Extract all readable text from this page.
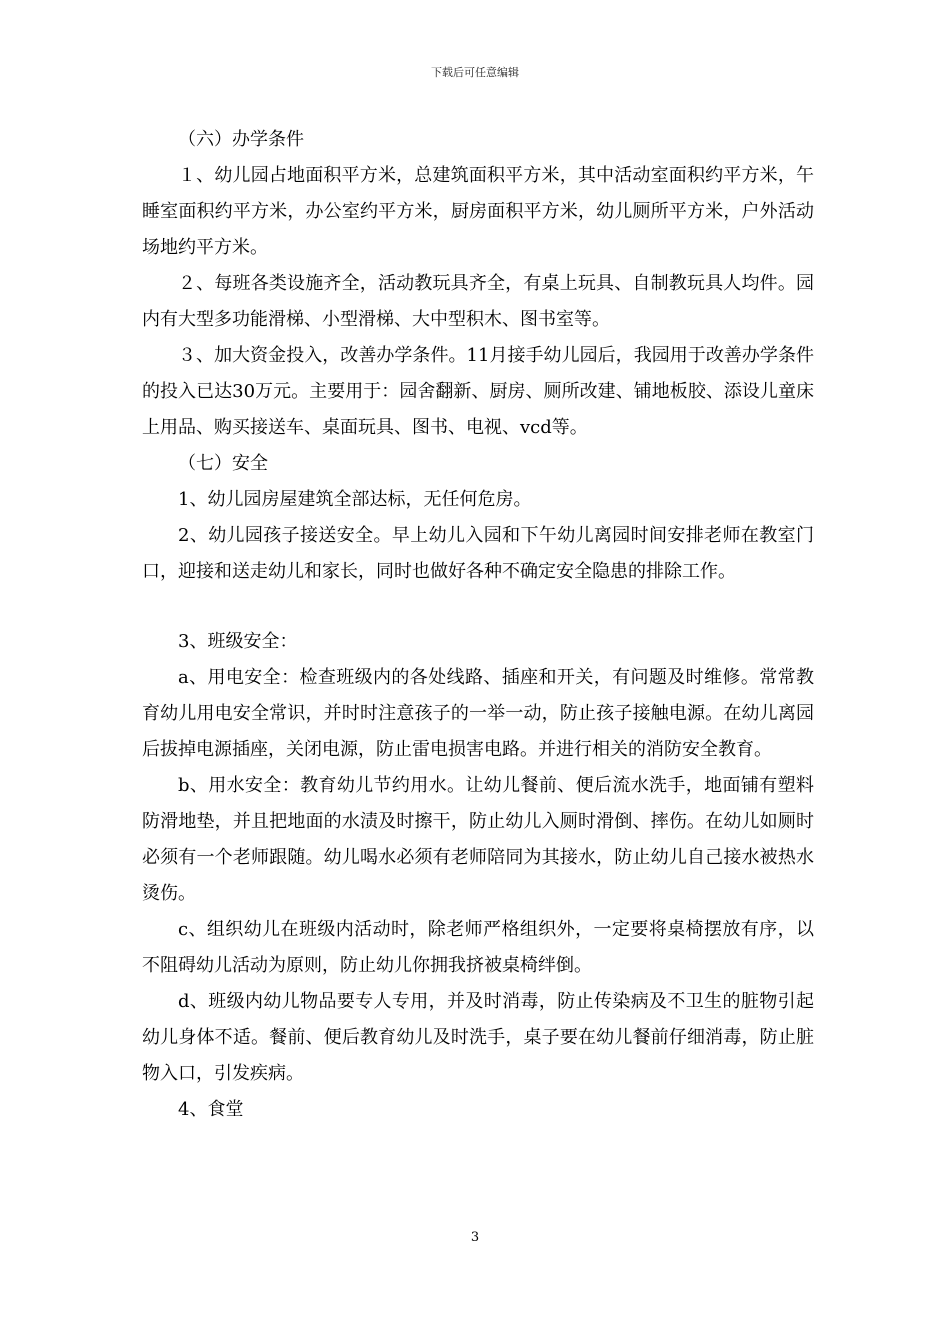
下载后可任意编辑

（六）办学条件

１、幼儿园占地面积平方米，总建筑面积平方米，其中活动室面积约平方米，午睡室面积约平方米，办公室约平方米，厨房面积平方米，幼儿厕所平方米，户外活动场地约平方米。

２、每班各类设施齐全，活动教玩具齐全，有桌上玩具、自制教玩具人均件。园内有大型多功能滑梯、小型滑梯、大中型积木、图书室等。

３、加大资金投入，改善办学条件。11月接手幼儿园后，我园用于改善办学条件的投入已达30万元。主要用于：园舍翻新、厨房、厕所改建、铺地板胶、添设儿童床上用品、购买接送车、桌面玩具、图书、电视、vcd等。

（七）安全

1、幼儿园房屋建筑全部达标，无任何危房。

2、幼儿园孩子接送安全。早上幼儿入园和下午幼儿离园时间安排老师在教室门口，迎接和送走幼儿和家长，同时也做好各种不确定安全隐患的排除工作。

3、班级安全：

a、用电安全：检查班级内的各处线路、插座和开关，有问题及时维修。常常教育幼儿用电安全常识，并时时注意孩子的一举一动，防止孩子接触电源。在幼儿离园后拔掉电源插座，关闭电源，防止雷电损害电路。并进行相关的消防安全教育。

b、用水安全：教育幼儿节约用水。让幼儿餐前、便后流水洗手，地面铺有塑料防滑地垫，并且把地面的水渍及时擦干，防止幼儿入厕时滑倒、摔伤。在幼儿如厕时必须有一个老师跟随。幼儿喝水必须有老师陪同为其接水，防止幼儿自己接水被热水烫伤。

c、组织幼儿在班级内活动时，除老师严格组织外，一定要将桌椅摆放有序，以不阻碍幼儿活动为原则，防止幼儿你拥我挤被桌椅绊倒。

d、班级内幼儿物品要专人专用，并及时消毒，防止传染病及不卫生的脏物引起幼儿身体不适。餐前、便后教育幼儿及时洗手，桌子要在幼儿餐前仔细消毒，防止脏物入口，引发疾病。

4、食堂

3
